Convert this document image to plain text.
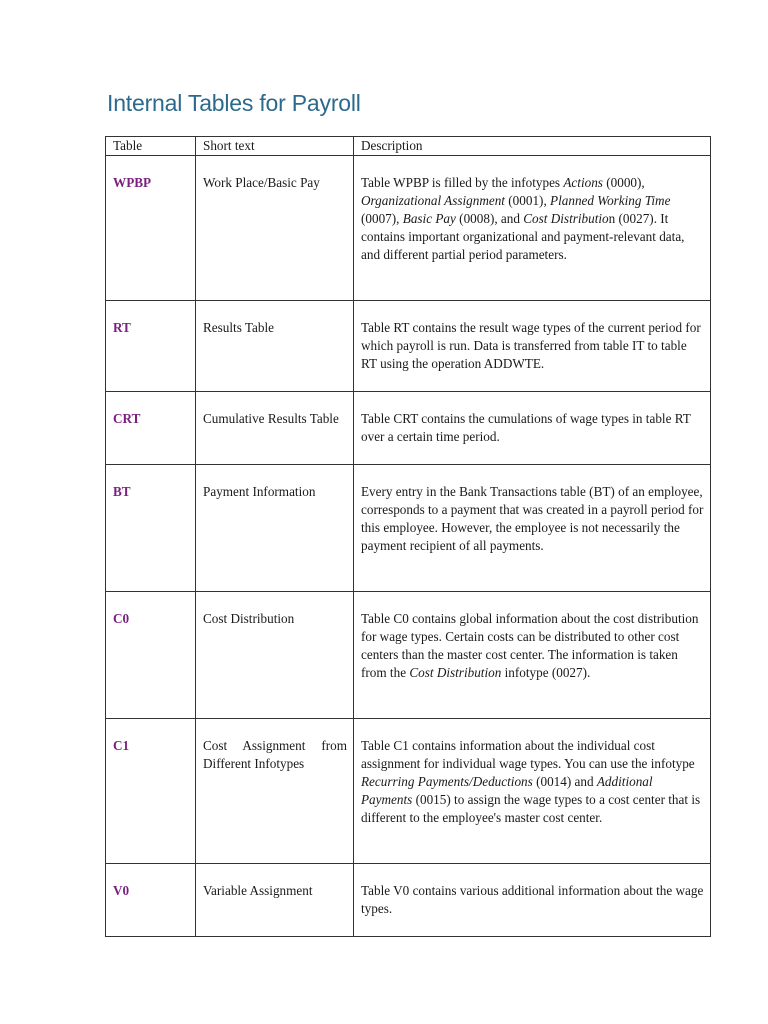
Internal Tables for Payroll
Table	Short text	Description
WPBP	Work Place/Basic Pay	Table WPBP is filled by the infotypes Actions (0000), Organizational Assignment (0001), Planned Working Time (0007), Basic Pay (0008), and Cost Distribution (0027). It contains important organizational and payment-relevant data, and different partial period parameters.
RT	Results Table	Table RT contains the result wage types of the current period for which payroll is run. Data is transferred from table IT to table RT using the operation ADDWTE.
CRT	Cumulative Results Table	Table CRT contains the cumulations of wage types in table RT over a certain time period.
BT	Payment Information	Every entry in the Bank Transactions table (BT) of an employee, corresponds to a payment that was created in a payroll period for this employee. However, the employee is not necessarily the payment recipient of all payments.
C0	Cost Distribution	Table C0 contains global information about the cost distribution for wage types. Certain costs can be distributed to other cost centers than the master cost center. The information is taken from the Cost Distribution infotype (0027).
C1	Cost Assignment from Different Infotypes	Table C1 contains information about the individual cost assignment for individual wage types. You can use the infotype Recurring Payments/Deductions (0014) and Additional Payments (0015) to assign the wage types to a cost center that is different to the employee's master cost center.
V0	Variable Assignment	Table V0 contains various additional information about the wage types.
